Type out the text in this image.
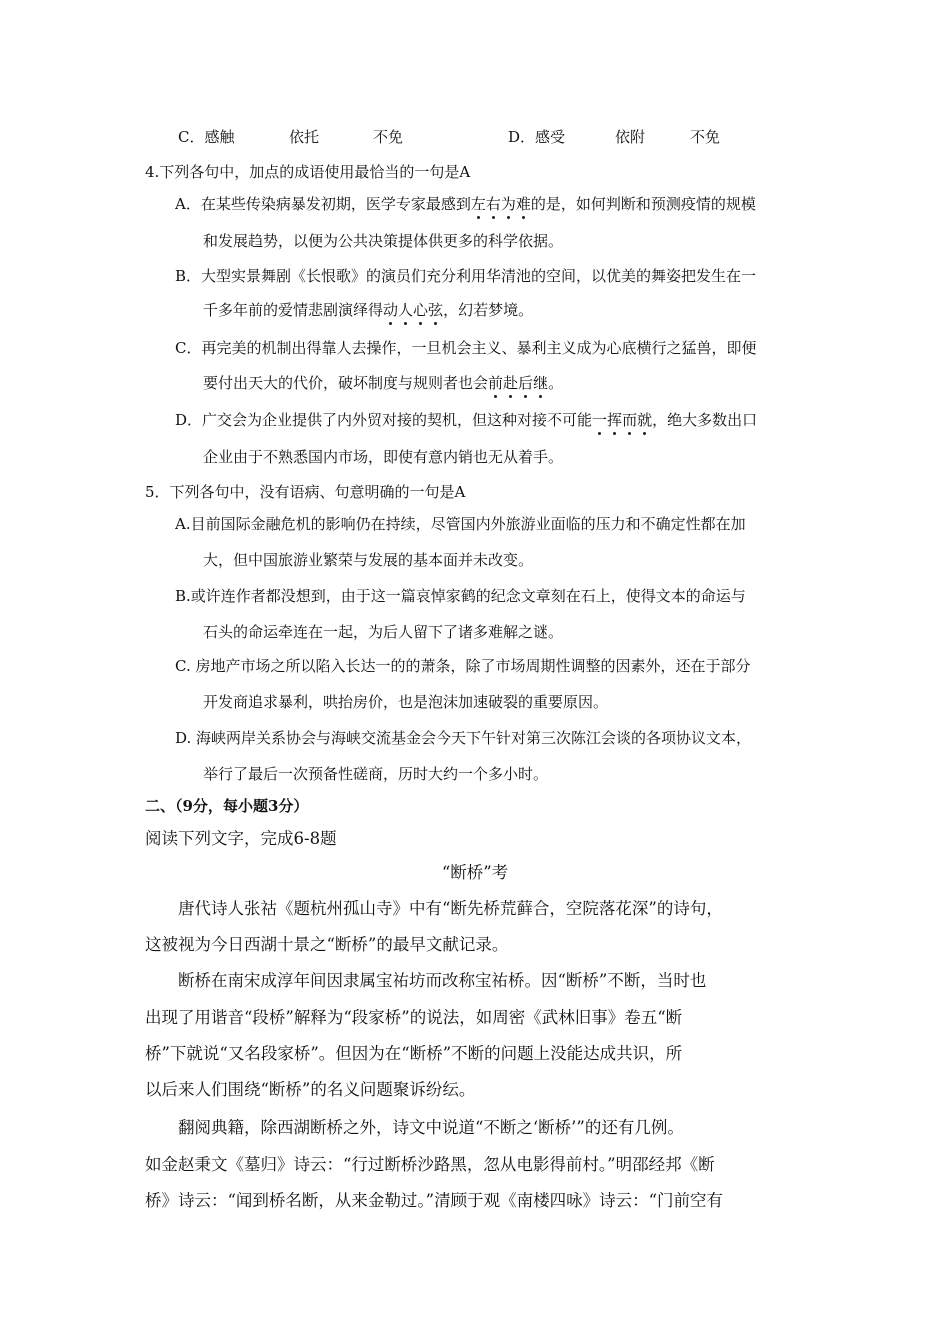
C．感触	依托	不免	D．感受	依附	不免
4.下列各句中，加点的成语使用最恰当的一句是A
A．在某些传染病暴发初期，医学专家最感到左右为难的是，如何判断和预测疫情的规模
和发展趋势，以便为公共决策提体供更多的科学依据。
B．大型实景舞剧《长恨歌》的演员们充分利用华清池的空间，以优美的舞姿把发生在一
千多年前的爱情悲剧演绎得动人心弦，幻若梦境。
C．再完美的机制出得靠人去操作，一旦机会主义、暴利主义成为心底横行之猛兽，即便
要付出天大的代价，破坏制度与规则者也会前赴后继。
D．广交会为企业提供了内外贸对接的契机，但这种对接不可能一挥而就，绝大多数出口
企业由于不熟悉国内市场，即使有意内销也无从着手。
5．下列各句中，没有语病、句意明确的一句是A
A.目前国际金融危机的影响仍在持续，尽管国内外旅游业面临的压力和不确定性都在加
大，但中国旅游业繁荣与发展的基本面并未改变。
B.或许连作者都没想到，由于这一篇哀悼家鹤的纪念文章刻在石上，使得文本的命运与
石头的命运牵连在一起，为后人留下了诸多难解之谜。
C. 房地产市场之所以陷入长达一的的萧条，除了市场周期性调整的因素外，还在于部分
开发商追求暴利，哄抬房价，也是泡沫加速破裂的重要原因。
D. 海峡两岸关系协会与海峡交流基金会今天下午针对第三次陈江会谈的各项协议文本，
举行了最后一次预备性磋商，历时大约一个多小时。
二、（9分，每小题3分）
阅读下列文字，完成6-8题
“断桥”考
唐代诗人张祜《题杭州孤山寺》中有“断先桥荒藓合，空院落花深”的诗句，
这被视为今日西湖十景之“断桥”的最早文献记录。
断桥在南宋成淳年间因隶属宝祐坊而改称宝祐桥。因“断桥”不断，当时也
出现了用谐音“段桥”解释为“段家桥”的说法，如周密《武林旧事》卷五“断
桥”下就说“又名段家桥”。但因为在“断桥”不断的问题上没能达成共识，所
以后来人们围绕“断桥”的名义问题聚诉纷纭。
翻阅典籍，除西湖断桥之外，诗文中说道“不断之‘断桥’”的还有几例。
如金赵秉文《墓归》诗云：“行过断桥沙路黑，忽从电影得前村。”明邵经邦《断
桥》诗云：“闻到桥名断，从来金勒过。”清顾于观《南楼四咏》诗云：“门前空有
